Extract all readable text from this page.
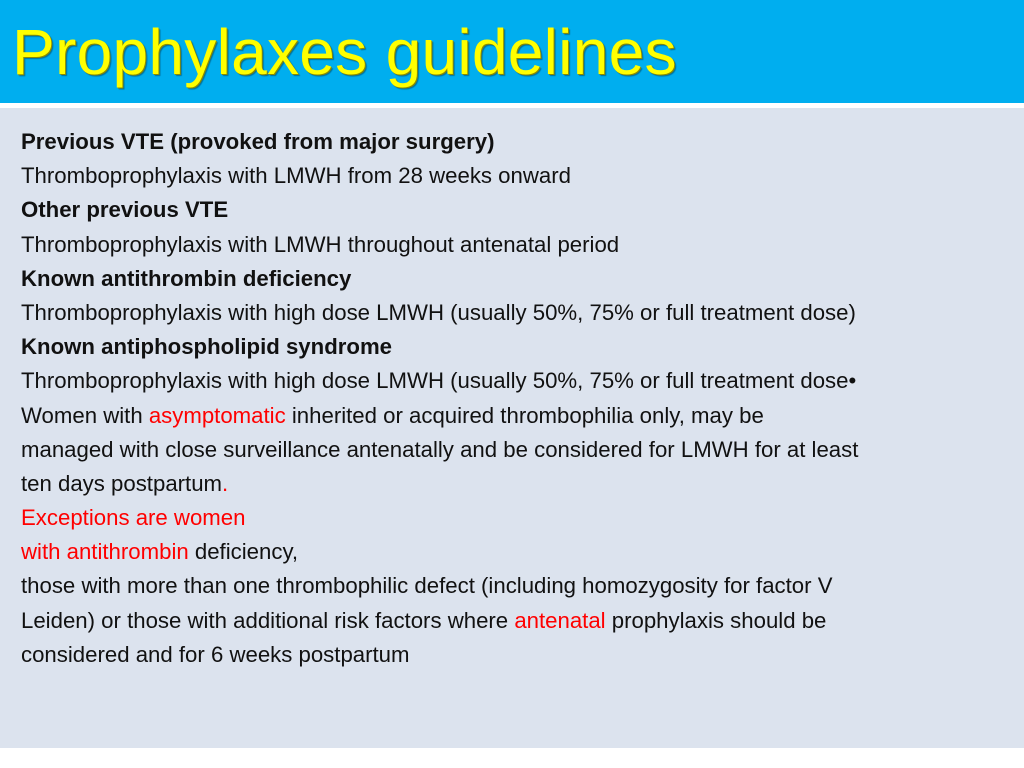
Prophylaxes guidelines
Previous VTE (provoked from major surgery)
Thromboprophylaxis with LMWH from 28 weeks onward
Other previous VTE
Thromboprophylaxis with LMWH throughout antenatal period
Known antithrombin deficiency
Thromboprophylaxis with high dose LMWH (usually 50%, 75% or full treatment dose)
Known antiphospholipid syndrome
Thromboprophylaxis with high dose LMWH (usually 50%, 75% or full treatment dose•
Women with asymptomatic inherited or acquired thrombophilia only, may be
managed with close surveillance antenatally and be considered for LMWH for at least
ten days postpartum.
Exceptions are women
with antithrombin deficiency,
those with more than one thrombophilic defect (including homozygosity for factor V
Leiden) or those with additional risk factors where antenatal prophylaxis should be
considered and for 6 weeks postpartum
